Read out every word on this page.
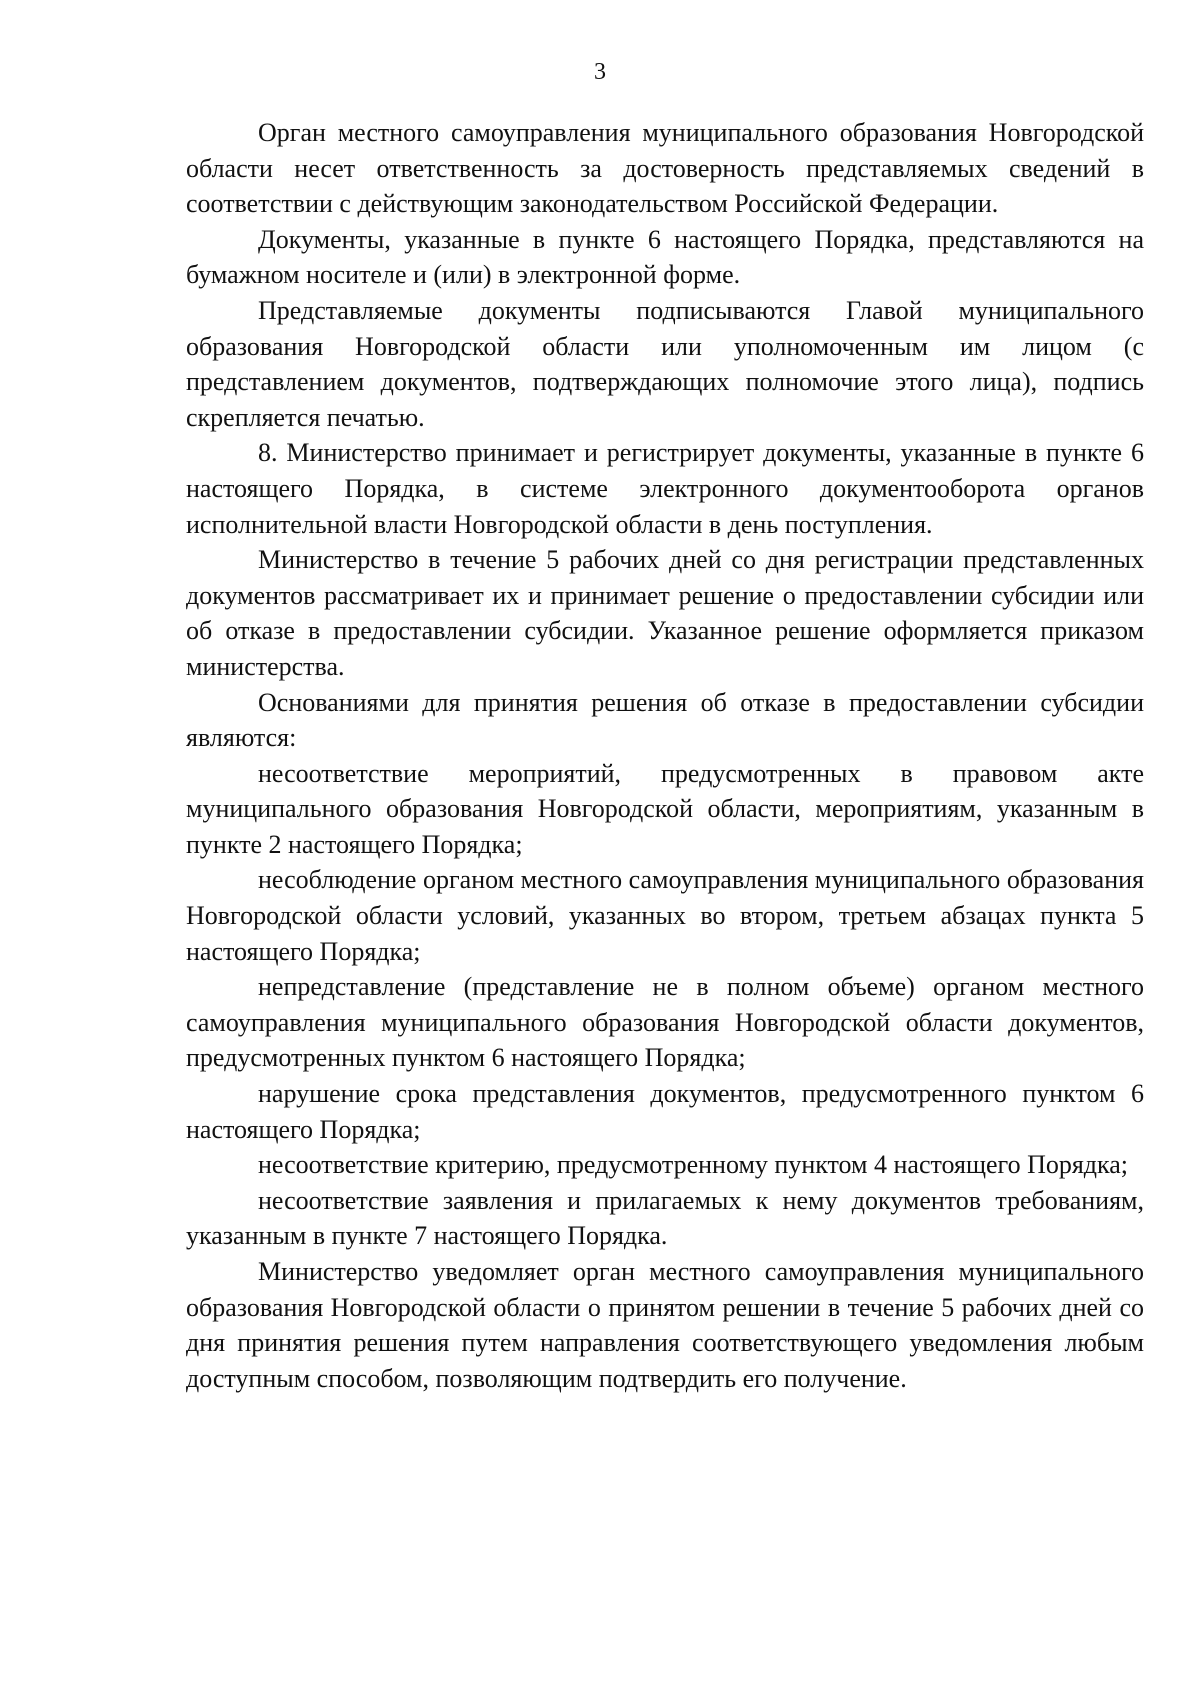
3

Орган местного самоуправления муниципального образования Новгородской области несет ответственность за достоверность представляемых сведений в соответствии с действующим законодательством Российской Федерации.

Документы, указанные в пункте 6 настоящего Порядка, представляются на бумажном носителе и (или) в электронной форме.

Представляемые документы подписываются Главой муниципального образования Новгородской области или уполномоченным им лицом (с представлением документов, подтверждающих полномочие этого лица), подпись скрепляется печатью.

8. Министерство принимает и регистрирует документы, указанные в пункте 6 настоящего Порядка, в системе электронного документооборота органов исполнительной власти Новгородской области в день поступления.

Министерство в течение 5 рабочих дней со дня регистрации представленных документов рассматривает их и принимает решение о предоставлении субсидии или об отказе в предоставлении субсидии. Указанное решение оформляется приказом министерства.

Основаниями для принятия решения об отказе в предоставлении субсидии являются:

несоответствие мероприятий, предусмотренных в правовом акте муниципального образования Новгородской области, мероприятиям, указанным в пункте 2 настоящего Порядка;

несоблюдение органом местного самоуправления муниципального образования Новгородской области условий, указанных во втором, третьем абзацах пункта 5 настоящего Порядка;

непредставление (представление не в полном объеме) органом местного самоуправления муниципального образования Новгородской области документов, предусмотренных пунктом 6 настоящего Порядка;

нарушение срока представления документов, предусмотренного пунктом 6 настоящего Порядка;

несоответствие критерию, предусмотренному пунктом 4 настоящего Порядка;

несоответствие заявления и прилагаемых к нему документов требованиям, указанным в пункте 7 настоящего Порядка.

Министерство уведомляет орган местного самоуправления муниципального образования Новгородской области о принятом решении в течение 5 рабочих дней со дня принятия решения путем направления соответствующего уведомления любым доступным способом, позволяющим подтвердить его получение.
